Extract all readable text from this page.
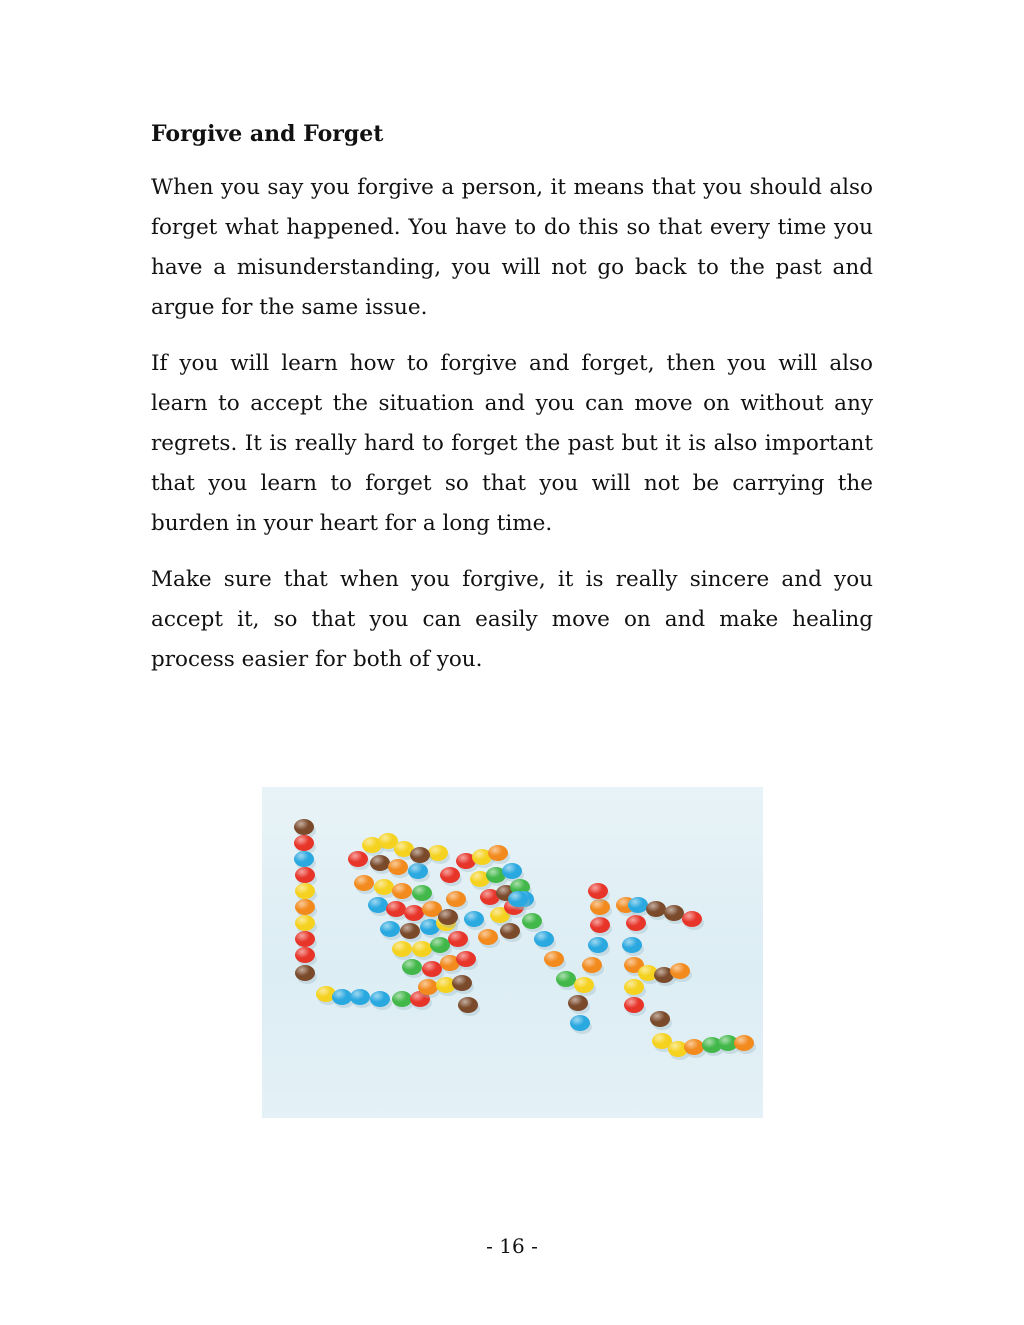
Forgive and Forget

When you say you forgive a person, it means that you should also forget what happened. You have to do this so that every time you have a misunderstanding, you will not go back to the past and argue for the same issue.

If you will learn how to forgive and forget, then you will also learn to accept the situation and you can move on without any regrets. It is really hard to forget the past but it is also important that you learn to forget so that you will not be carrying the burden in your heart for a long time.

Make sure that when you forgive, it is really sincere and you accept it, so that you can easily move on and make healing process easier for both of you.

- 16 -
